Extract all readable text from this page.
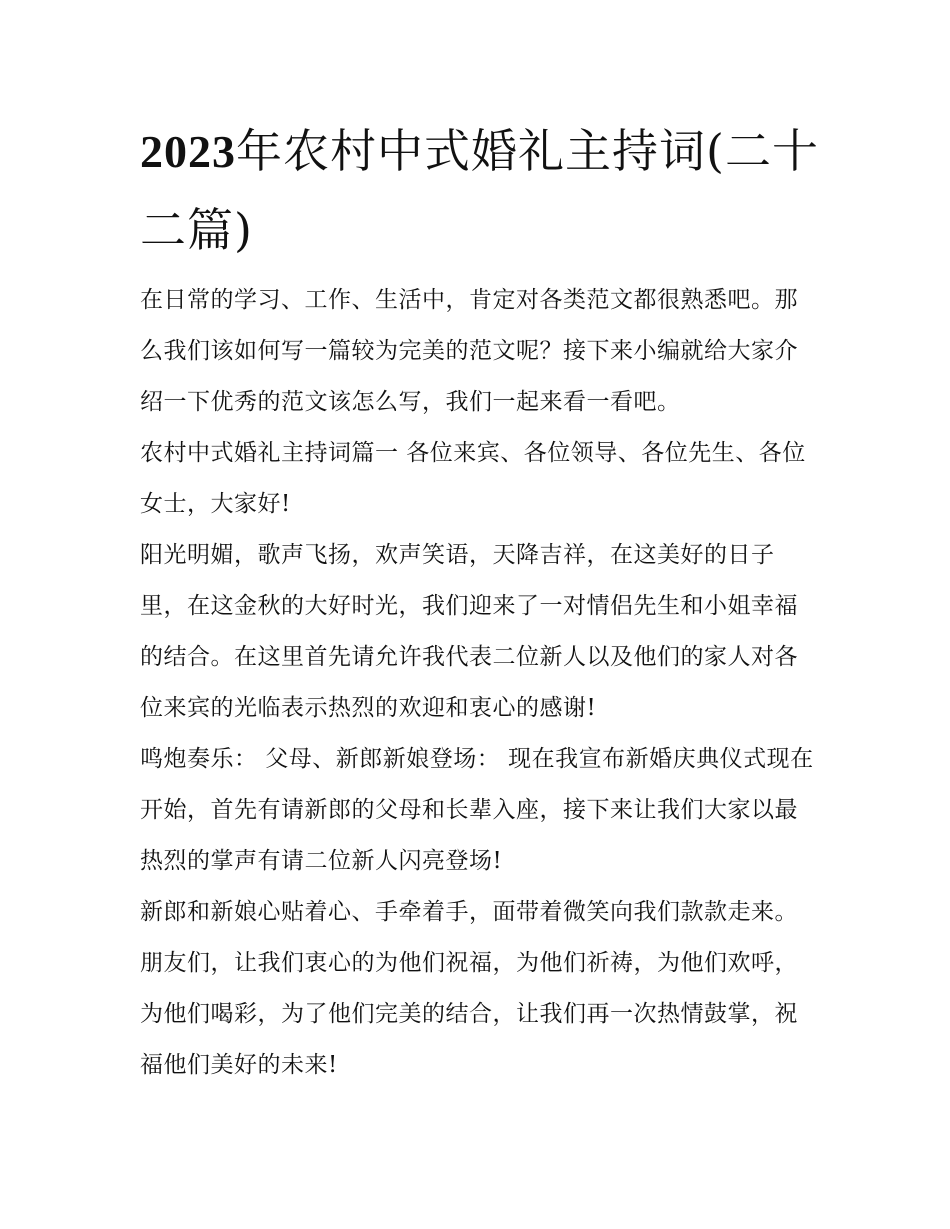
2023年农村中式婚礼主持词(二十二篇)

在日常的学习、工作、生活中，肯定对各类范文都很熟悉吧。那么我们该如何写一篇较为完美的范文呢？接下来小编就给大家介绍一下优秀的范文该怎么写，我们一起来看一看吧。

农村中式婚礼主持词篇一 各位来宾、各位领导、各位先生、各位女士，大家好!

阳光明媚，歌声飞扬，欢声笑语，天降吉祥，在这美好的日子里，在这金秋的大好时光，我们迎来了一对情侣先生和小姐幸福的结合。在这里首先请允许我代表二位新人以及他们的家人对各位来宾的光临表示热烈的欢迎和衷心的感谢!

鸣炮奏乐： 父母、新郎新娘登场： 现在我宣布新婚庆典仪式现在开始，首先有请新郎的父母和长辈入座，接下来让我们大家以最热烈的掌声有请二位新人闪亮登场!

新郎和新娘心贴着心、手牵着手，面带着微笑向我们款款走来。朋友们，让我们衷心的为他们祝福，为他们祈祷，为他们欢呼，为他们喝彩，为了他们完美的结合，让我们再一次热情鼓掌，祝福他们美好的未来!
